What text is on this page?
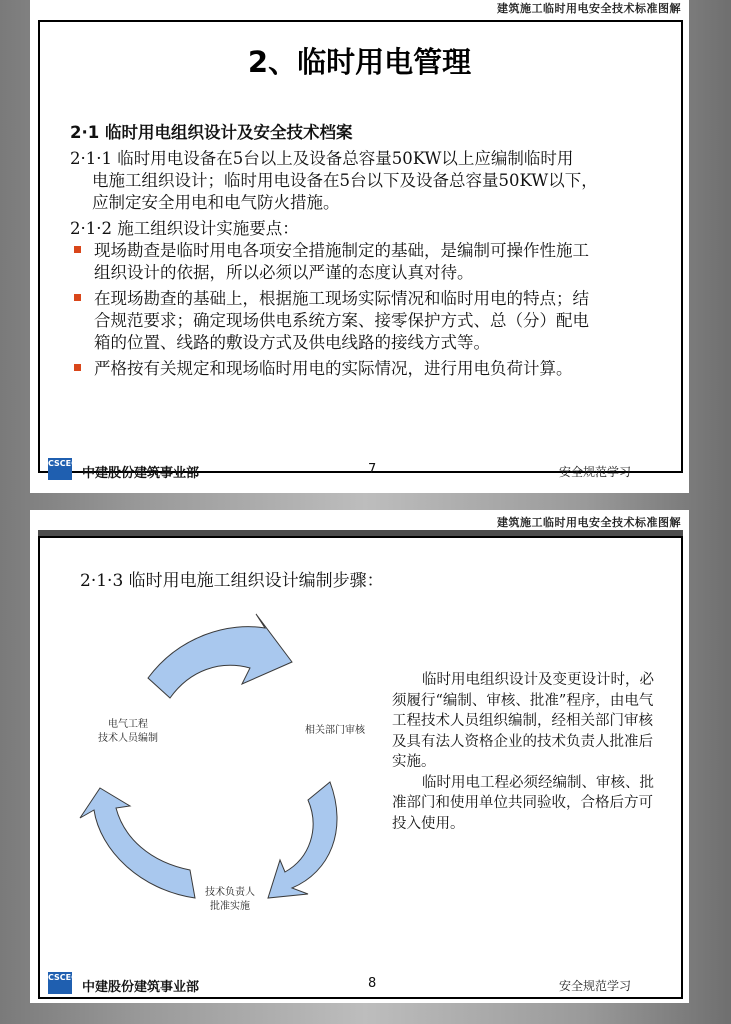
建筑施工临时用电安全技术标准图解
2、临时用电管理
2·1 临时用电组织设计及安全技术档案
2·1·1 临时用电设备在5台以上及设备总容量50KW以上应编制临时用
电施工组织设计；临时用电设备在5台以下及设备总容量50KW以下，
应制定安全用电和电气防火措施。
2·1·2 施工组织设计实施要点：
现场勘查是临时用电各项安全措施制定的基础，是编制可操作性施工
组织设计的依据，所以必须以严谨的态度认真对待。
在现场勘查的基础上，根据施工现场实际情况和临时用电的特点；结
合规范要求；确定现场供电系统方案、接零保护方式、总（分）配电
箱的位置、线路的敷设方式及供电线路的接线方式等。
严格按有关规定和现场临时用电的实际情况，进行用电负荷计算。
CSCEC
中建股份建筑事业部	7	安全规范学习
建筑施工临时用电安全技术标准图解
2·1·3 临时用电施工组织设计编制步骤：
电气工程
技术人员编制
相关部门审核
技术负责人
批准实施

临时用电组织设计及变更设计时，必须履行“编制、审核、批准”程序，由电气工程技术人员组织编制，经相关部门审核及具有法人资格企业的技术负责人批准后实施。

临时用电工程必须经编制、审核、批准部门和使用单位共同验收，合格后方可投入使用。

CSCEC
中建股份建筑事业部	8	安全规范学习
